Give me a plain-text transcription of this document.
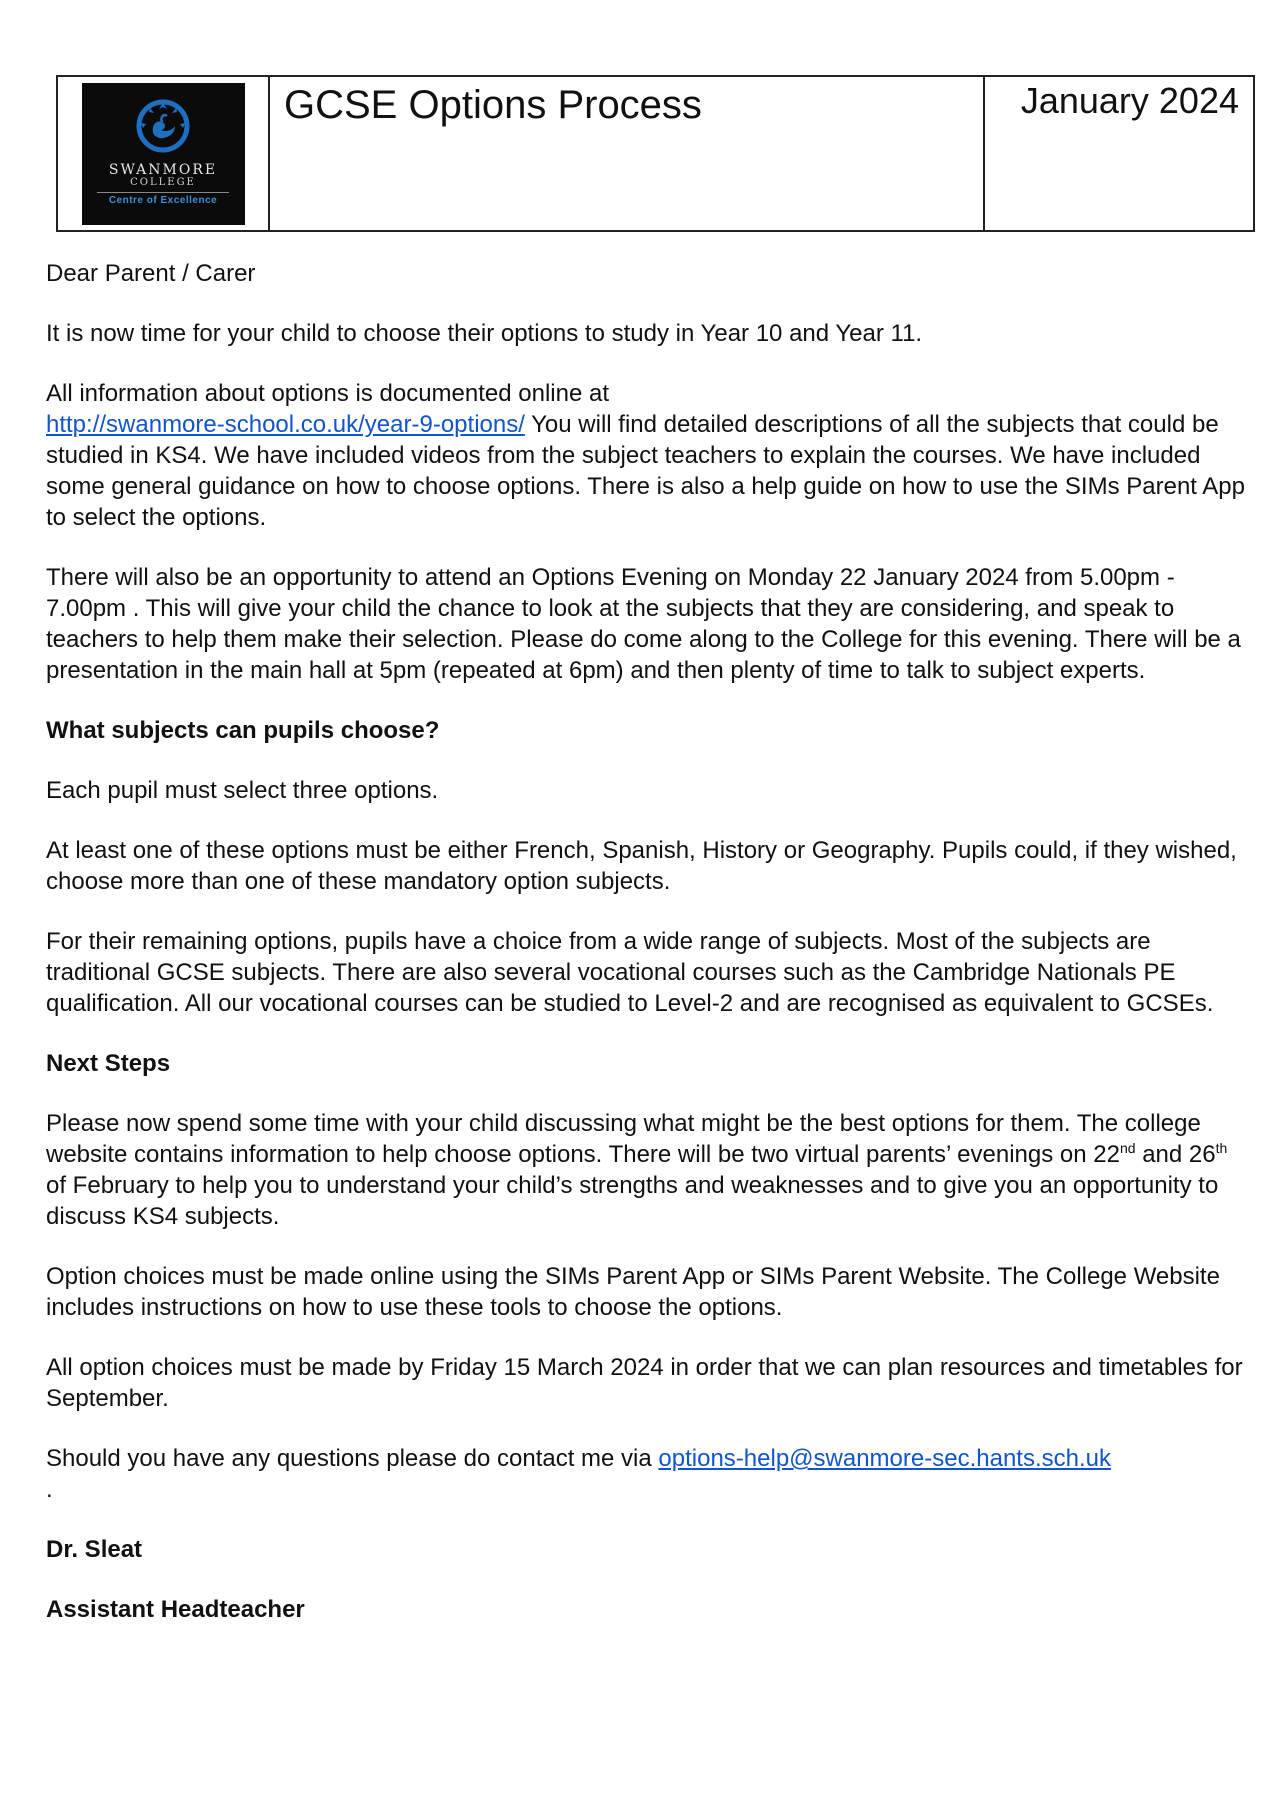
SWANMORE
COLLEGE
Centre of Excellence
GCSE Options Process	January 2024

Dear Parent / Carer

It is now time for your child to choose their options to study in Year 10 and Year 11.

All information about options is documented online at
http://swanmore-school.co.uk/year-9-options/ You will find detailed descriptions of all the subjects that could be studied in KS4. We have included videos from the subject teachers to explain the courses. We have included some general guidance on how to choose options. There is also a help guide on how to use the SIMs Parent App to select the options.

There will also be an opportunity to attend an Options Evening on Monday 22 January 2024 from 5.00pm - 7.00pm . This will give your child the chance to look at the subjects that they are considering, and speak to teachers to help them make their selection. Please do come along to the College for this evening. There will be a presentation in the main hall at 5pm (repeated at 6pm) and then plenty of time to talk to subject experts.

What subjects can pupils choose?

Each pupil must select three options.

At least one of these options must be either French, Spanish, History or Geography. Pupils could, if they wished, choose more than one of these mandatory option subjects.

For their remaining options, pupils have a choice from a wide range of subjects. Most of the subjects are traditional GCSE subjects. There are also several vocational courses such as the Cambridge Nationals PE qualification. All our vocational courses can be studied to Level-2 and are recognised as equivalent to GCSEs.

Next Steps

Please now spend some time with your child discussing what might be the best options for them. The college website contains information to help choose options. There will be two virtual parents’ evenings on 22nd and 26th of February to help you to understand your child’s strengths and weaknesses and to give you an opportunity to discuss KS4 subjects.

Option choices must be made online using the SIMs Parent App or SIMs Parent Website. The College Website includes instructions on how to use these tools to choose the options.

All option choices must be made by Friday 15 March 2024 in order that we can plan resources and timetables for September.

Should you have any questions please do contact me via options-help@swanmore-sec.hants.sch.uk
.

Dr. Sleat

Assistant Headteacher
